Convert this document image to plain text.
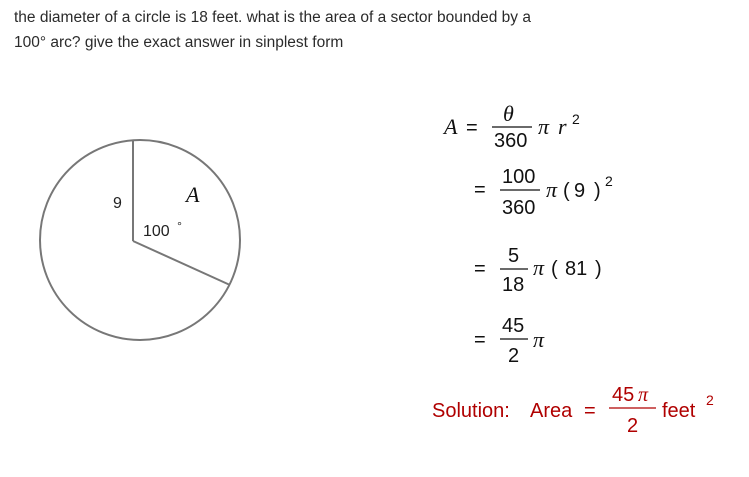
the diameter of a circle is 18 feet. what is the area of a sector bounded by a
100° arc? give the exact answer in sinplest form
9	A
100 °
A =
θ
360
π r 2
=
100
360
π ( 9 ) 2
=
5
18
π ( 81 )
=
45
2
π
Solution: Area =
45 π
2
feet 2
